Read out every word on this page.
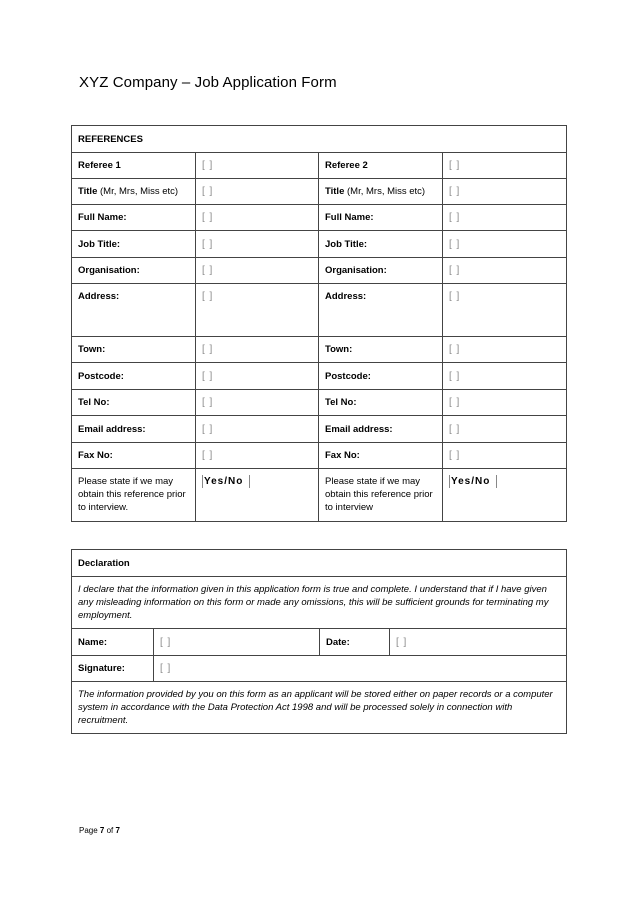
XYZ Company – Job Application Form
REFERENCES			
Referee 1	[ ]	Referee 2	[ ]
Title (Mr, Mrs, Miss etc)	[ ]	Title (Mr, Mrs, Miss etc)	[ ]
Full Name:	[ ]	Full Name:	[ ]
Job Title:	[ ]	Job Title:	[ ]
Organisation:	[ ]	Organisation:	[ ]
Address:	[ ]	Address:	[ ]
Town:	[ ]	Town:	[ ]
Postcode:	[ ]	Postcode:	[ ]
Tel No:	[ ]	Tel No:	[ ]
Email address:	[ ]	Email address:	[ ]
Fax No:	[ ]	Fax No:	[ ]
Please state if we may obtain this reference prior to interview.	Yes/No	Please state if we may obtain this reference prior to interview	Yes/No
Declaration			
I declare that the information given in this application form is true and complete. I understand that if I have given any misleading information on this form or made any omissions, this will be sufficient grounds for terminating my employment.			
Name:	[ ]	Date:	[ ]
Signature:	[ ]		
The information provided by you on this form as an applicant will be stored either on paper records or a computer system in accordance with the Data Protection Act 1998 and will be processed solely in connection with recruitment.			
Page 7 of 7
